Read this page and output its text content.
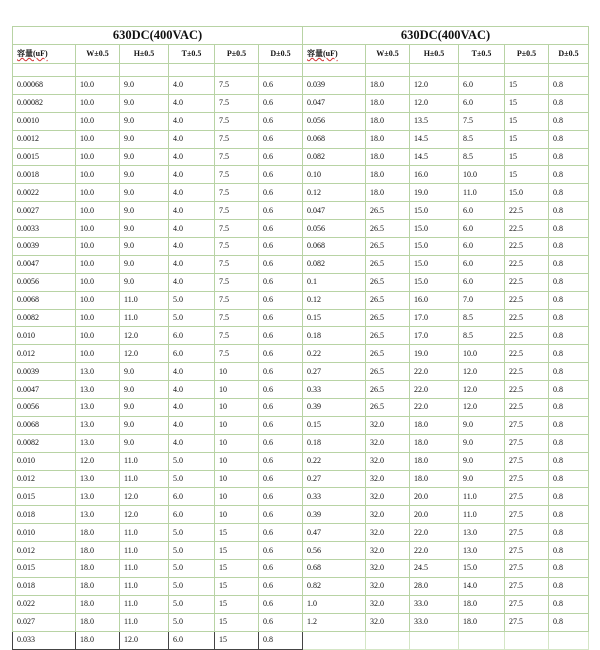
630DC(400VAC)						630DC(400VAC)					
容量(uF)	W±0.5	H±0.5	T±0.5	P±0.5	D±0.5	容量(uF)	W±0.5	H±0.5	T±0.5	P±0.5	D±0.5

0.00068	10.0	9.0	4.0	7.5	0.6	0.039	18.0	12.0	6.0	15	0.8
0.00082	10.0	9.0	4.0	7.5	0.6	0.047	18.0	12.0	6.0	15	0.8
0.0010	10.0	9.0	4.0	7.5	0.6	0.056	18.0	13.5	7.5	15	0.8
0.0012	10.0	9.0	4.0	7.5	0.6	0.068	18.0	14.5	8.5	15	0.8
0.0015	10.0	9.0	4.0	7.5	0.6	0.082	18.0	14.5	8.5	15	0.8
0.0018	10.0	9.0	4.0	7.5	0.6	0.10	18.0	16.0	10.0	15	0.8
0.0022	10.0	9.0	4.0	7.5	0.6	0.12	18.0	19.0	11.0	15.0	0.8
0.0027	10.0	9.0	4.0	7.5	0.6	0.047	26.5	15.0	6.0	22.5	0.8
0.0033	10.0	9.0	4.0	7.5	0.6	0.056	26.5	15.0	6.0	22.5	0.8
0.0039	10.0	9.0	4.0	7.5	0.6	0.068	26.5	15.0	6.0	22.5	0.8
0.0047	10.0	9.0	4.0	7.5	0.6	0.082	26.5	15.0	6.0	22.5	0.8
0.0056	10.0	9.0	4.0	7.5	0.6	0.1	26.5	15.0	6.0	22.5	0.8
0.0068	10.0	11.0	5.0	7.5	0.6	0.12	26.5	16.0	7.0	22.5	0.8
0.0082	10.0	11.0	5.0	7.5	0.6	0.15	26.5	17.0	8.5	22.5	0.8
0.010	10.0	12.0	6.0	7.5	0.6	0.18	26.5	17.0	8.5	22.5	0.8
0.012	10.0	12.0	6.0	7.5	0.6	0.22	26.5	19.0	10.0	22.5	0.8
0.0039	13.0	9.0	4.0	10	0.6	0.27	26.5	22.0	12.0	22.5	0.8
0.0047	13.0	9.0	4.0	10	0.6	0.33	26.5	22.0	12.0	22.5	0.8
0.0056	13.0	9.0	4.0	10	0.6	0.39	26.5	22.0	12.0	22.5	0.8
0.0068	13.0	9.0	4.0	10	0.6	0.15	32.0	18.0	9.0	27.5	0.8
0.0082	13.0	9.0	4.0	10	0.6	0.18	32.0	18.0	9.0	27.5	0.8
0.010	12.0	11.0	5.0	10	0.6	0.22	32.0	18.0	9.0	27.5	0.8
0.012	13.0	11.0	5.0	10	0.6	0.27	32.0	18.0	9.0	27.5	0.8
0.015	13.0	12.0	6.0	10	0.6	0.33	32.0	20.0	11.0	27.5	0.8
0.018	13.0	12.0	6.0	10	0.6	0.39	32.0	20.0	11.0	27.5	0.8
0.010	18.0	11.0	5.0	15	0.6	0.47	32.0	22.0	13.0	27.5	0.8
0.012	18.0	11.0	5.0	15	0.6	0.56	32.0	22.0	13.0	27.5	0.8
0.015	18.0	11.0	5.0	15	0.6	0.68	32.0	24.5	15.0	27.5	0.8
0.018	18.0	11.0	5.0	15	0.6	0.82	32.0	28.0	14.0	27.5	0.8
0.022	18.0	11.0	5.0	15	0.6	1.0	32.0	33.0	18.0	27.5	0.8
0.027	18.0	11.0	5.0	15	0.6	1.2	32.0	33.0	18.0	27.5	0.8
0.033	18.0	12.0	6.0	15	0.8						
